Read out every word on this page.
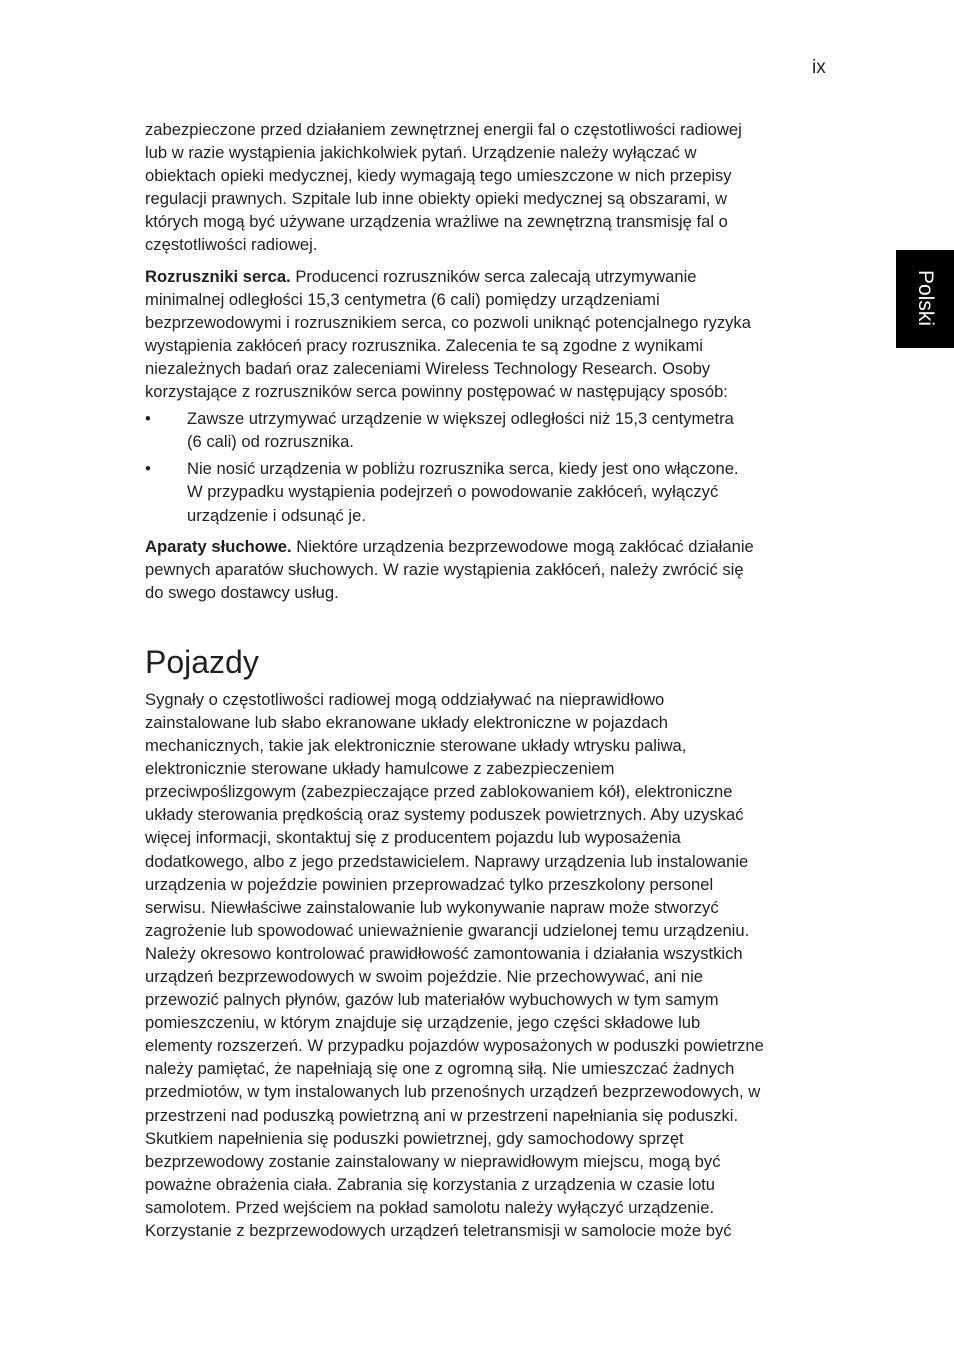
ix
Polski

zabezpieczone przed działaniem zewnętrznej energii fal o częstotliwości radiowej
lub w razie wystąpienia jakichkolwiek pytań. Urządzenie należy wyłączać w
obiektach opieki medycznej, kiedy wymagają tego umieszczone w nich przepisy
regulacji prawnych. Szpitale lub inne obiekty opieki medycznej są obszarami, w
których mogą być używane urządzenia wrażliwe na zewnętrzną transmisję fal o
częstotliwości radiowej.

Rozruszniki serca. Producenci rozruszników serca zalecają utrzymywanie
minimalnej odległości 15,3 centymetra (6 cali) pomiędzy urządzeniami
bezprzewodowymi i rozrusznikiem serca, co pozwoli uniknąć potencjalnego ryzyka
wystąpienia zakłóceń pracy rozrusznika. Zalecenia te są zgodne z wynikami
niezależnych badań oraz zaleceniami Wireless Technology Research. Osoby
korzystające z rozruszników serca powinny postępować w następujący sposób:

• Zawsze utrzymywać urządzenie w większej odległości niż 15,3 centymetra
(6 cali) od rozrusznika.
• Nie nosić urządzenia w pobliżu rozrusznika serca, kiedy jest ono włączone.
W przypadku wystąpienia podejrzeń o powodowanie zakłóceń, wyłączyć
urządzenie i odsunąć je.

Aparaty słuchowe. Niektóre urządzenia bezprzewodowe mogą zakłócać działanie
pewnych aparatów słuchowych. W razie wystąpienia zakłóceń, należy zwrócić się
do swego dostawcy usług.

Pojazdy

Sygnały o częstotliwości radiowej mogą oddziaływać na nieprawidłowo
zainstalowane lub słabo ekranowane układy elektroniczne w pojazdach
mechanicznych, takie jak elektronicznie sterowane układy wtrysku paliwa,
elektronicznie sterowane układy hamulcowe z zabezpieczeniem
przeciwpoślizgowym (zabezpieczające przed zablokowaniem kół), elektroniczne
układy sterowania prędkością oraz systemy poduszek powietrznych. Aby uzyskać
więcej informacji, skontaktuj się z producentem pojazdu lub wyposażenia
dodatkowego, albo z jego przedstawicielem. Naprawy urządzenia lub instalowanie
urządzenia w pojeździe powinien przeprowadzać tylko przeszkolony personel
serwisu. Niewłaściwe zainstalowanie lub wykonywanie napraw może stworzyć
zagrożenie lub spowodować unieważnienie gwarancji udzielonej temu urządzeniu.
Należy okresowo kontrolować prawidłowość zamontowania i działania wszystkich
urządzeń bezprzewodowych w swoim pojeździe. Nie przechowywać, ani nie
przewozić palnych płynów, gazów lub materiałów wybuchowych w tym samym
pomieszczeniu, w którym znajduje się urządzenie, jego części składowe lub
elementy rozszerzeń. W przypadku pojazdów wyposażonych w poduszki powietrzne
należy pamiętać, że napełniają się one z ogromną siłą. Nie umieszczać żadnych
przedmiotów, w tym instalowanych lub przenośnych urządzeń bezprzewodowych, w
przestrzeni nad poduszką powietrzną ani w przestrzeni napełniania się poduszki.
Skutkiem napełnienia się poduszki powietrznej, gdy samochodowy sprzęt
bezprzewodowy zostanie zainstalowany w nieprawidłowym miejscu, mogą być
poważne obrażenia ciała. Zabrania się korzystania z urządzenia w czasie lotu
samolotem. Przed wejściem na pokład samolotu należy wyłączyć urządzenie.
Korzystanie z bezprzewodowych urządzeń teletransmisji w samolocie może być
